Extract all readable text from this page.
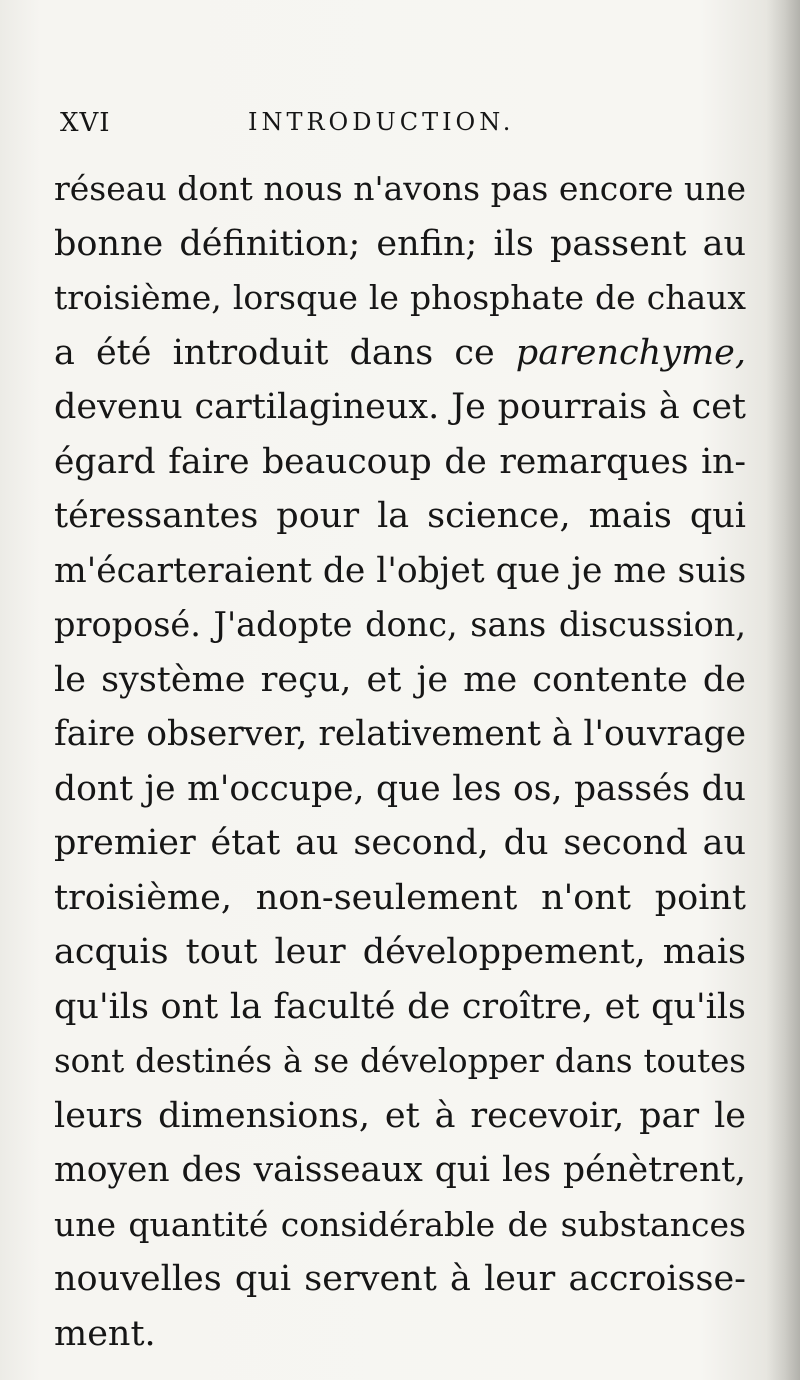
XVI	INTRODUCTION.
réseau dont nous n'avons pas encore une
bonne définition; enfin; ils passent au
troisième, lorsque le phosphate de chaux
a été introduit dans ce parenchyme,
devenu cartilagineux. Je pourrais à cet
égard faire beaucoup de remarques in-
téressantes pour la science, mais qui
m'écarteraient de l'objet que je me suis
proposé. J'adopte donc, sans discussion,
le système reçu, et je me contente de
faire observer, relativement à l'ouvrage
dont je m'occupe, que les os, passés du
premier état au second, du second au
troisième, non-seulement n'ont point
acquis tout leur développement, mais
qu'ils ont la faculté de croître, et qu'ils
sont destinés à se développer dans toutes
leurs dimensions, et à recevoir, par le
moyen des vaisseaux qui les pénètrent,
une quantité considérable de substances
nouvelles qui servent à leur accroisse-
ment.
